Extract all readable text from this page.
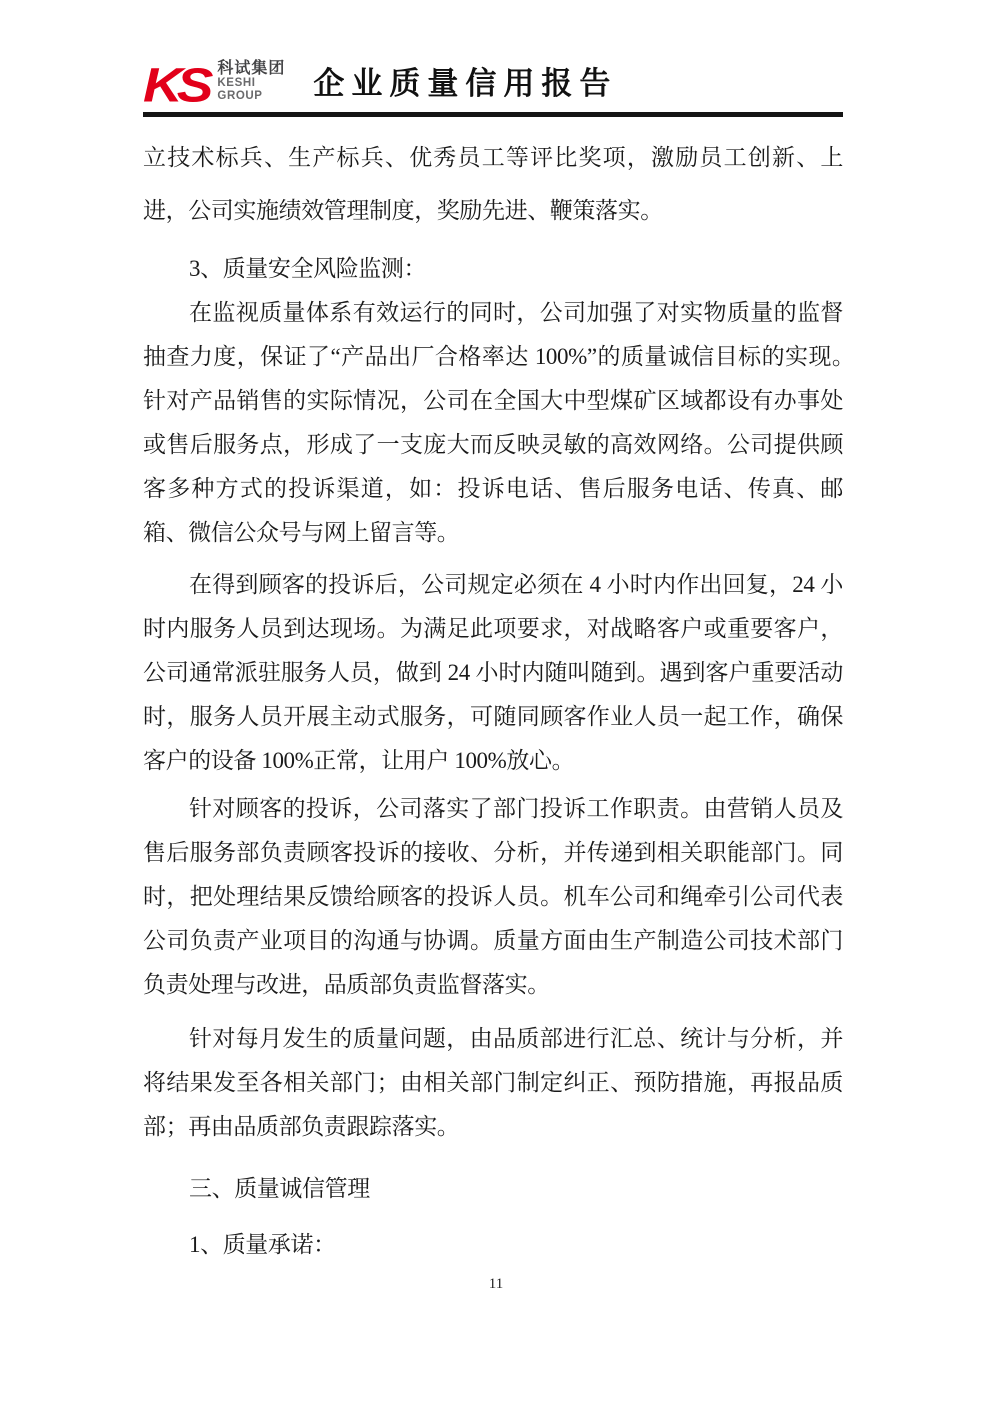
KS 科试集团
KESHI
GROUP	企业质量信用报告

立技术标兵、生产标兵、优秀员工等评比奖项，激励员工创新、上进，公司实施绩效管理制度，奖励先进、鞭策落实。

3、质量安全风险监测：

在监视质量体系有效运行的同时，公司加强了对实物质量的监督抽查力度，保证了“产品出厂合格率达 100%”的质量诚信目标的实现。　针对产品销售的实际情况，公司在全国大中型煤矿区域都设有办事处或售后服务点，形成了一支庞大而反映灵敏的高效网络。公司提供顾客多种方式的投诉渠道，如：投诉电话、售后服务电话、传真、邮箱、微信公众号与网上留言等。

在得到顾客的投诉后，公司规定必须在 4 小时内作出回复，24 小时内服务人员到达现场。为满足此项要求，对战略客户或重要客户，公司通常派驻服务人员，做到 24 小时内随叫随到。遇到客户重要活动时，服务人员开展主动式服务，可随同顾客作业人员一起工作，确保客户的设备 100%正常，让用户 100%放心。

针对顾客的投诉，公司落实了部门投诉工作职责。由营销人员及售后服务部负责顾客投诉的接收、分析，并传递到相关职能部门。同时，把处理结果反馈给顾客的投诉人员。机车公司和绳牵引公司代表公司负责产业项目的沟通与协调。质量方面由生产制造公司技术部门负责处理与改进，品质部负责监督落实。

针对每月发生的质量问题，由品质部进行汇总、统计与分析，并将结果发至各相关部门；由相关部门制定纠正、预防措施，再报品质部；再由品质部负责跟踪落实。

三、质量诚信管理

1、质量承诺：

11
